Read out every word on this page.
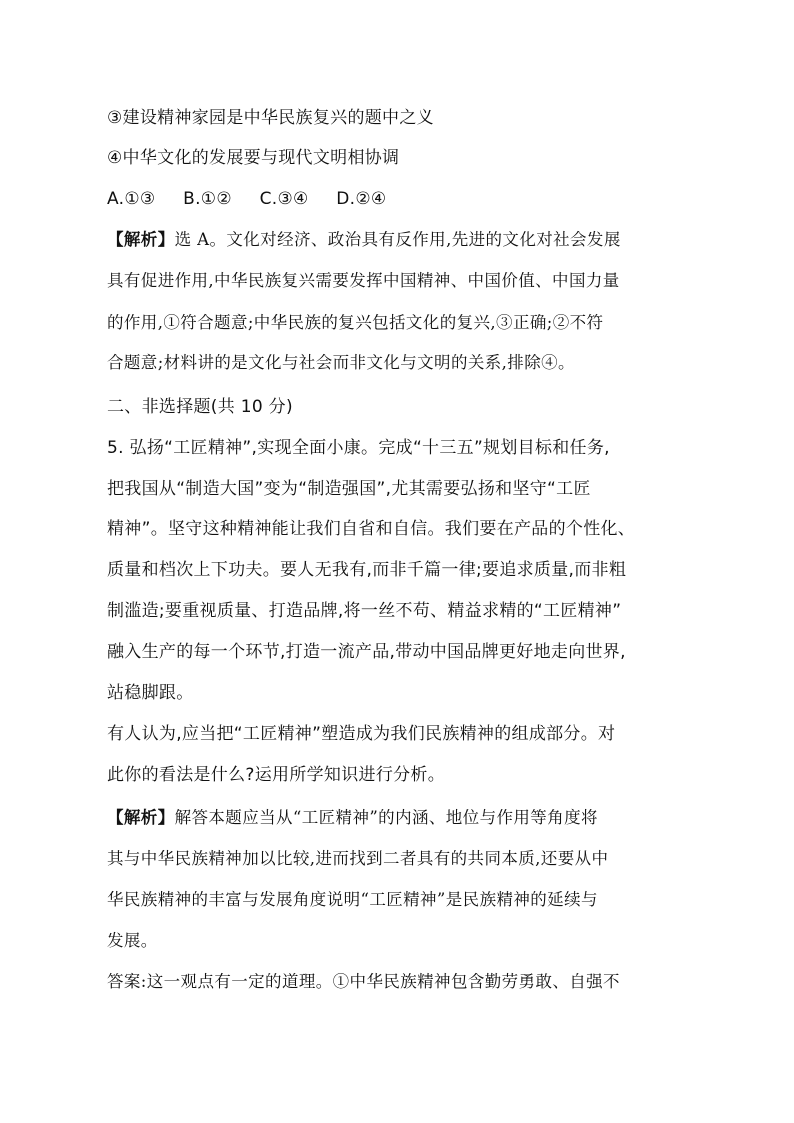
③建设精神家园是中华民族复兴的题中之义
④中华文化的发展要与现代文明相协调
A.①③ B.①② C.③④ D.②④
【解析】选 A。文化对经济、政治具有反作用,先进的文化对社会发展
具有促进作用,中华民族复兴需要发挥中国精神、中国价值、中国力量
的作用,①符合题意;中华民族的复兴包括文化的复兴,③正确;②不符
合题意;材料讲的是文化与社会而非文化与文明的关系,排除④。
二、非选择题(共 10 分)
5. 弘扬“工匠精神”,实现全面小康。完成“十三五”规划目标和任务,
把我国从“制造大国”变为“制造强国”,尤其需要弘扬和坚守“工匠
精神”。坚守这种精神能让我们自省和自信。我们要在产品的个性化、
质量和档次上下功夫。要人无我有,而非千篇一律;要追求质量,而非粗
制滥造;要重视质量、打造品牌,将一丝不苟、精益求精的“工匠精神”
融入生产的每一个环节,打造一流产品,带动中国品牌更好地走向世界,
站稳脚跟。
有人认为,应当把“工匠精神”塑造成为我们民族精神的组成部分。对
此你的看法是什么?运用所学知识进行分析。
【解析】解答本题应当从“工匠精神”的内涵、地位与作用等角度将
其与中华民族精神加以比较,进而找到二者具有的共同本质,还要从中
华民族精神的丰富与发展角度说明“工匠精神”是民族精神的延续与
发展。
答案:这一观点有一定的道理。①中华民族精神包含勤劳勇敢、自强不
